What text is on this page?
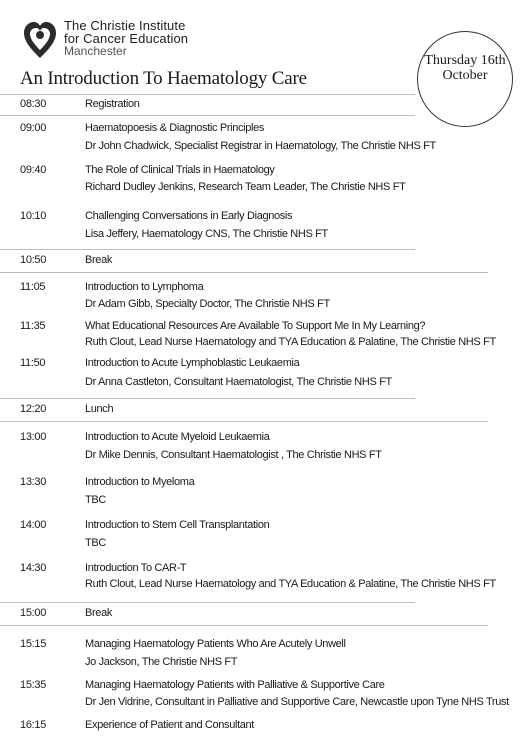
The Christie Institute
for Cancer Education
Manchester
Thursday 16th
October
An Introduction To Haematology Care
08:30	Registration
09:00	Haematopoesis & Diagnostic Principles
Dr John Chadwick, Specialist Registrar in Haematology, The Christie NHS FT
09:40	The Role of Clinical Trials in Haematology
Richard Dudley Jenkins, Research Team Leader, The Christie NHS FT
10:10	Challenging Conversations in Early Diagnosis
Lisa Jeffery, Haematology CNS, The Christie NHS FT
10:50	Break
11:05	Introduction to Lymphoma
Dr Adam Gibb, Specialty Doctor, The Christie NHS FT
11:35	What Educational Resources Are Available To Support Me In My Learning?
Ruth Clout, Lead Nurse Haematology and TYA Education & Palatine, The Christie NHS FT
11:50	Introduction to Acute Lymphoblastic Leukaemia
Dr Anna Castleton, Consultant Haematologist, The Christie NHS FT
12:20	Lunch
13:00	Introduction to Acute Myeloid Leukaemia
Dr Mike Dennis, Consultant Haematologist , The Christie NHS FT
13:30	Introduction to Myeloma
TBC
14:00	Introduction to Stem Cell Transplantation
TBC
14:30	Introduction To CAR-T
Ruth Clout, Lead Nurse Haematology and TYA Education & Palatine, The Christie NHS FT
15:00	Break
15:15	Managing Haematology Patients Who Are Acutely Unwell
Jo Jackson, The Christie NHS FT
15:35	Managing Haematology Patients with Palliative & Supportive Care
Dr Jen Vidrine, Consultant in Palliative and Supportive Care, Newcastle upon Tyne NHS Trust
16:15	Experience of Patient and Consultant
